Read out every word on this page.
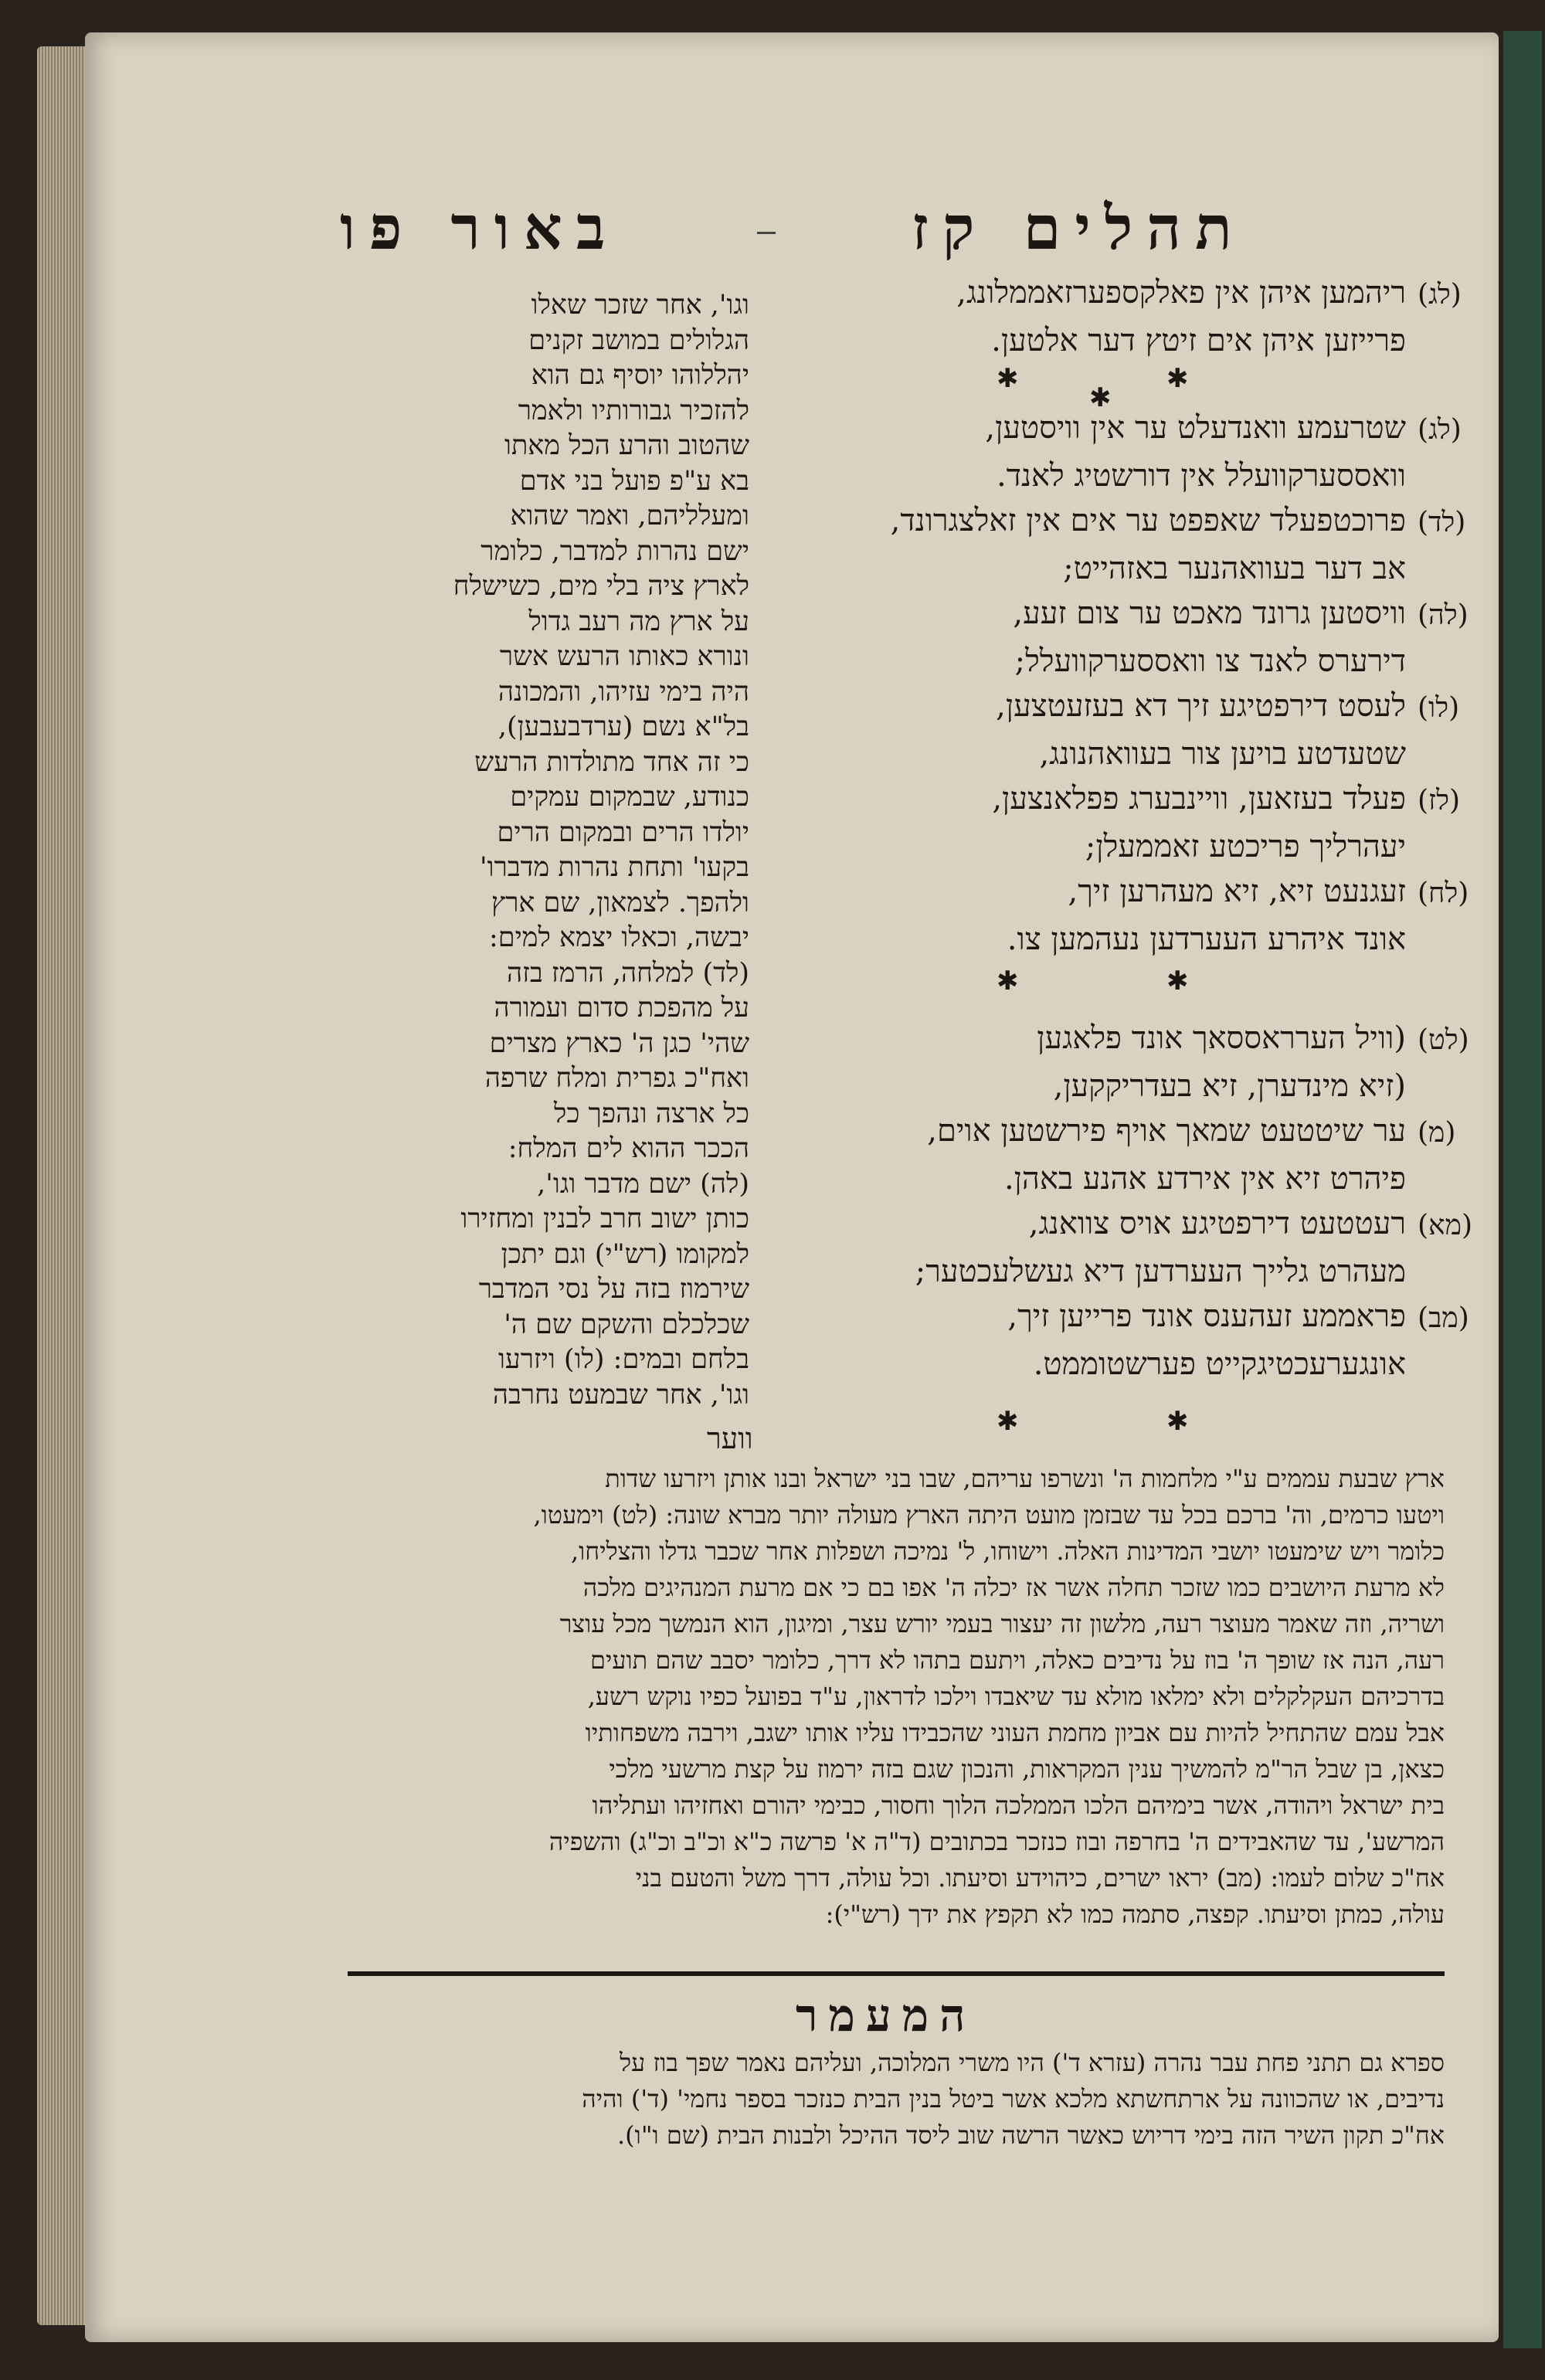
באור פו	תהלים קז
✱	✱
✱
✱	✱
✱	✱
ווער
וגו', אחר שזכר שאלו
הגלולים במושב זקנים
יהללוהו יוסיף גם הוא
להזכיר גבורותיו ולאמר
שהטוב והרע הכל מאתו
בא ע"פ פועל בני אדם
ומעלליהם, ואמר שהוא
ישם נהרות למדבר, כלומר
לארץ ציה בלי מים, כשישלח
על ארץ מה רעב גדול
ונורא כאותו הרעש אשר
היה בימי עזיהו, והמכונה
בל"א נשם (ערדבעבען),
כי זה אחד מתולדות הרעש
כנודע, שבמקום עמקים
יולדו הרים ובמקום הרים
בקעו' ותחת נהרות מדברו'
ולהפך. לצמאון, שם ארץ
יבשה, וכאלו יצמא למים:
(לד) למלחה, הרמז בזה
על מהפכת סדום ועמורה
שהי' כגן ה' כארץ מצרים
ואח"כ גפרית ומלח שרפה
כל ארצה ונהפך כל
הככר ההוא לים המלח:
(לה) ישם מדבר וגו',
כותן ישוב חרב לבנין ומחזירו
למקומו (רש"י) וגם יתכן
שירמוז בזה על נסי המדבר
שכלכלם והשקם שם ה'
בלחם ובמים: (לו) ויזרעו
וגו', אחר שבמעט נחרבה
ארץ שבעת עממים ע"י מלחמות ה' ונשרפו עריהם, שבו בני ישראל ובנו אותן ויזרעו שדות
ויטעו כרמים, וה' ברכם בכל עד שבזמן מועט היתה הארץ מעולה יותר מברא שונה: (לט) וימעטו,
כלומר ויש שימעטו יושבי המדינות האלה. וישוחו, ל' נמיכה ושפלות אחר שכבר גדלו והצליחו,
לא מרעת היושבים כמו שזכר תחלה אשר אז יכלה ה' אפו בם כי אם מרעת המנהיגים מלכה
ושריה, וזה שאמר מעוצר רעה, מלשון זה יעצור בעמי יורש עצר, ומיגון, הוא הנמשך מכל עוצר
רעה, הנה אז שופך ה' בוז על נדיבים כאלה, ויתעם בתהו לא דרך, כלומר יסבב שהם תועים
בדרכיהם העקלקלים ולא ימלאו מולא עד שיאבדו וילכו לדראון, ע"ד בפועל כפיו נוקש רשע,
אבל עמם שהתחיל להיות עם אביון מחמת העוני שהכבידו עליו אותו ישגב, וירבה משפחותיו
כצאן, בן שבל הר"מ להמשיך ענין המקראות, והנכון שגם בזה ירמוז על קצת מרשעי מלכי
בית ישראל ויהודה, אשר בימיהם הלכו הממלכה הלוך וחסור, כבימי יהורם ואחזיהו ועתליהו
המרשע', עד שהאבידים ה' בחרפה ובוז כנזכר בכתובים (ד"ה א' פרשה כ"א וכ"ב וכ"ג) והשפיה
אח"כ שלום לעמו: (מב) יראו ישרים, כיהוידע וסיעתו. וכל עולה, דרך משל והטעם בני
עולה, כמתן וסיעתו. קפצה, סתמה כמו לא תקפץ את ידך (רש"י):
המעמר
ספרא גם תתני פחת עבר נהרה (עזרא ד') היו משרי המלוכה, ועליהם נאמר שפך בוז על
נדיבים, או שהכוונה על ארתחשתא מלכא אשר ביטל בנין הבית כנזכר בספר נחמי' (ד') והיה
אח"כ תקון השיר הזה בימי דריוש כאשר הרשה שוב ליסד ההיכל ולבנות הבית (שם ו"ו).
ריהמען איהן אין פאלקספערזאממלונג, (לג)
פרייזען איהן אים זיטץ דער אלטען.
שטרעמע וואנדעלט ער אין וויסטען, (לג)
וואססערקוועלל אין דורשטיג לאנד.
פרוכטפעלד שאפפט ער אים אין זאלצגרונד, (לד)
אב דער בעוואהנער באזהייט;
וויסטען גרונד מאכט ער צום זעע, (לה)
דירערס לאנד צו וואססערקוועלל;
לעסט דירפטיגע זיך דא בעזעטצען, (לו)
שטעדטע בויען צור בעוואהנונג,
פעלד בעזאען, וויינבערג פפלאנצען, (לז)
יעהרליך פריכטע זאממעלן;
זעגנעט זיא, זיא מעהרען זיך, (לח)
אונד איהרע העערדען נעהמען צו.
(וויל הערראססאך אונד פלאגען (לט)
(זיא מינדערן, זיא בעדריקקען,
ער שיטטעט שמאך אויף פירשטען אוים, (מ)
פיהרט זיא אין אירדע אהנע באהן.
רעטטעט דירפטיגע אויס צוואנג, (מא)
מעהרט גלייך העערדען דיא געשלעכטער;
פראממע זעהענס אונד פרייען זיך, (מב)
אונגערעכטיגקייט פערשטוממט.
